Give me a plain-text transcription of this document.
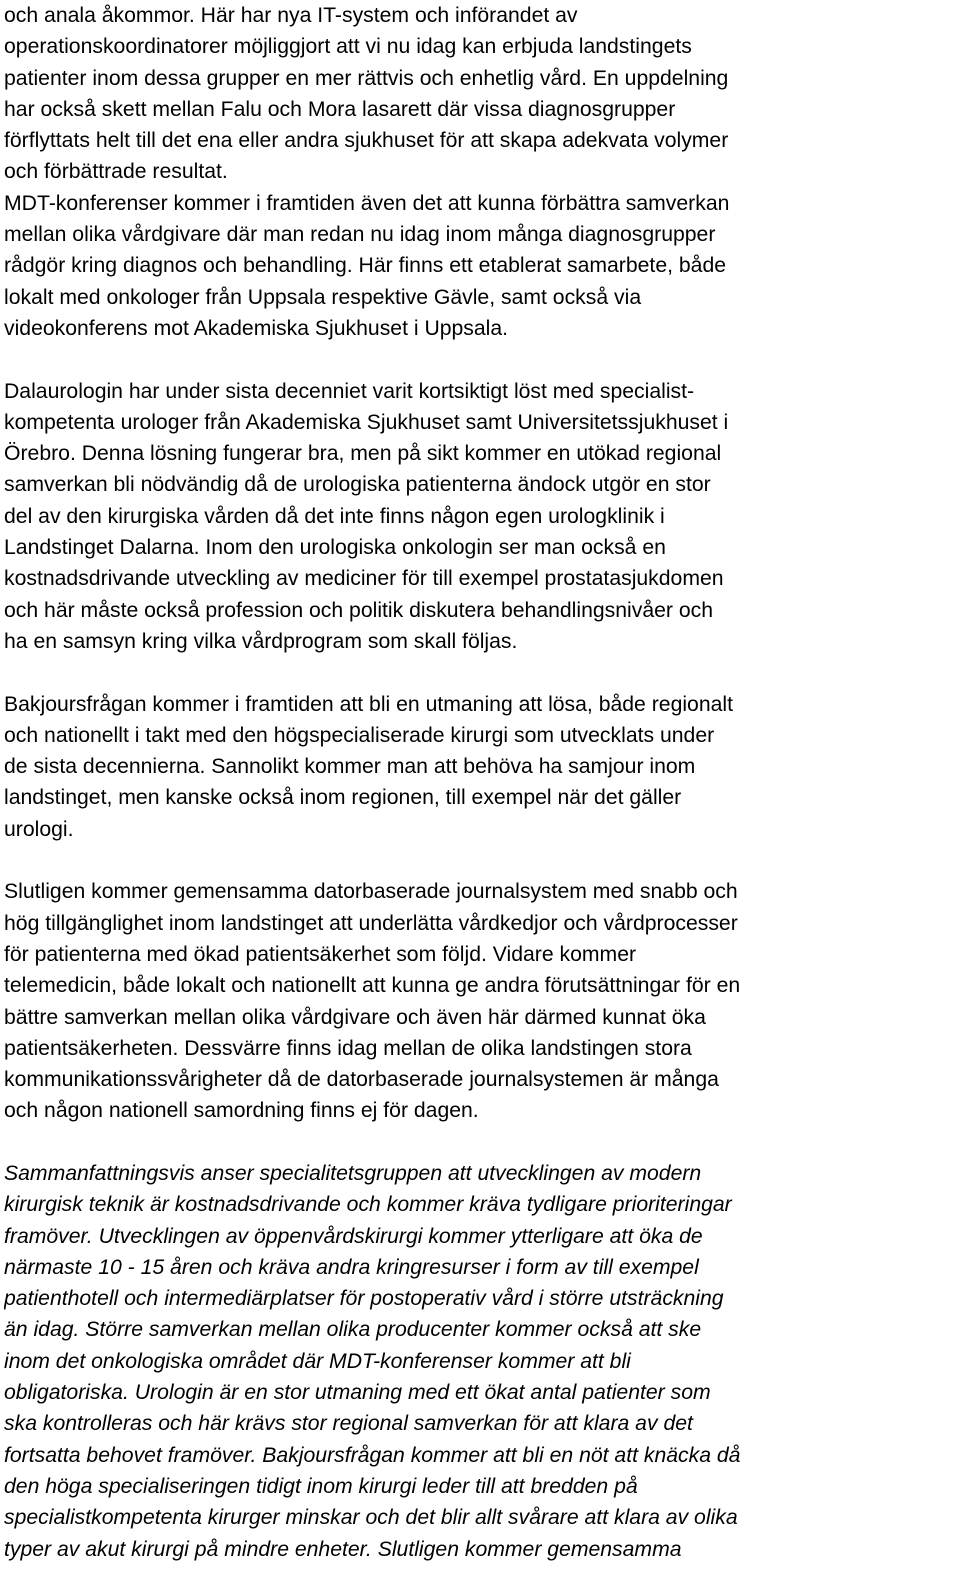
och anala åkommor. Här har nya IT-system och införandet av
operationskoordinatorer möjliggjort att vi nu idag kan erbjuda landstingets
patienter inom dessa grupper en mer rättvis och enhetlig vård. En uppdelning
har också skett mellan Falu och Mora lasarett där vissa diagnosgrupper
förflyttats helt till det ena eller andra sjukhuset för att skapa adekvata volymer
och förbättrade resultat.
MDT-konferenser kommer i framtiden även det att kunna förbättra samverkan
mellan olika vårdgivare där man redan nu idag inom många diagnosgrupper
rådgör kring diagnos och behandling. Här finns ett etablerat samarbete, både
lokalt med onkologer från Uppsala respektive Gävle, samt också via
videokonferens mot Akademiska Sjukhuset i Uppsala.
Dalaurologin har under sista decenniet varit kortsiktigt löst med specialist-
kompetenta urologer från Akademiska Sjukhuset samt Universitetssjukhuset i
Örebro. Denna lösning fungerar bra, men på sikt kommer en utökad regional
samverkan bli nödvändig då de urologiska patienterna ändock utgör en stor
del av den kirurgiska vården då det inte finns någon egen urologklinik i
Landstinget Dalarna. Inom den urologiska onkologin ser man också en
kostnadsdrivande utveckling av mediciner för till exempel prostatasjukdomen
och här måste också profession och politik diskutera behandlingsnivåer och
ha en samsyn kring vilka vårdprogram som skall följas.
Bakjoursfrågan kommer i framtiden att bli en utmaning att lösa, både regionalt
och nationellt i takt med den högspecialiserade kirurgi som utvecklats under
de sista decennierna. Sannolikt kommer man att behöva ha samjour inom
landstinget, men kanske också inom regionen, till exempel när det gäller
urologi.
Slutligen kommer gemensamma datorbaserade journalsystem med snabb och
hög tillgänglighet inom landstinget att underlätta vårdkedjor och vårdprocesser
för patienterna med ökad patientsäkerhet som följd. Vidare kommer
telemedicin, både lokalt och nationellt att kunna ge andra förutsättningar för en
bättre samverkan mellan olika vårdgivare och även här därmed kunnat öka
patientsäkerheten. Dessvärre finns idag mellan de olika landstingen stora
kommunikationssvårigheter då de datorbaserade journalsystemen är många
och någon nationell samordning finns ej för dagen.
Sammanfattningsvis anser specialitetsgruppen att utvecklingen av modern
kirurgisk teknik är kostnadsdrivande och kommer kräva tydligare prioriteringar
framöver. Utvecklingen av öppenvårdskirurgi kommer ytterligare att öka de
närmaste 10 - 15 åren och kräva andra kringresurser i form av till exempel
patienthotell och intermediärplatser för postoperativ vård i större utsträckning
än idag. Större samverkan mellan olika producenter kommer också att ske
inom det onkologiska området där MDT-konferenser kommer att bli
obligatoriska. Urologin är en stor utmaning med ett ökat antal patienter som
ska kontrolleras och här krävs stor regional samverkan för att klara av det
fortsatta behovet framöver. Bakjoursfrågan kommer att bli en nöt att knäcka då
den höga specialiseringen tidigt inom kirurgi leder till att bredden på
specialistkompetenta kirurger minskar och det blir allt svårare att klara av olika
typer av akut kirurgi på mindre enheter. Slutligen kommer gemensamma
